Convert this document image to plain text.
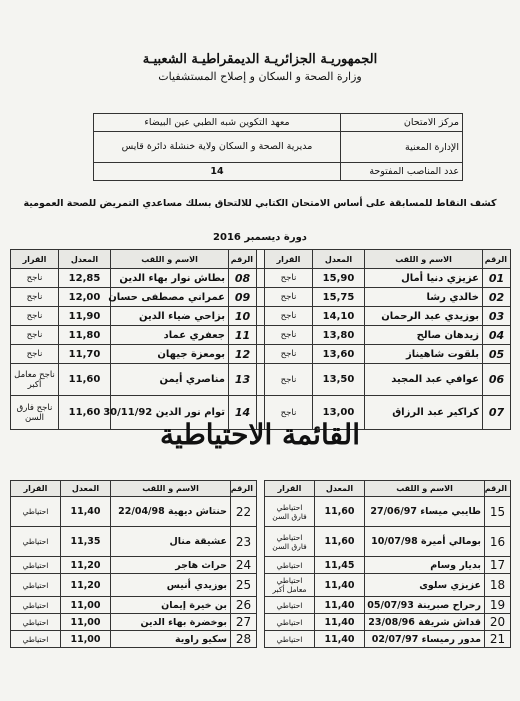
الجمهوريـة الجزائريـة الديمقراطيـة الشعبيـة
وزارة الصحة و السكان و إصلاح المستشفيات
مركز الامتحان	معهد التكوين شبه الطبي عين البيضاء
الإدارة المعنية	مديرية الصحة و السكان ولاية خنشلة دائرة قايس
عدد المناصب المفتوحة	14
كشف النقاط للمسابقة على أساس الامتحان الكتابي للالتحاق بسلك مساعدي التمريض للصحة العمومية
دورة ديسمبر 2016
الرقم	الاسم و اللقب	المعدل	القرار		الرقم	الاسم و اللقب	المعدل	القرار
01	عزيزي دنيا أمال	15,90	ناجح		08	بطاش نوار بهاء الدين	12,85	ناجح
02	خالدي رشا	15,75	ناجح		09	عمراني مصطفى حسان	12,00	ناجح
03	بوزيدي عبد الرحمان	14,10	ناجح		10	بزاحي ضياء الدين	11,90	ناجح
04	زيدهان صالح	13,80	ناجح		11	جعفري عماد	11,80	ناجح
05	بلقوت شاهيناز	13,60	ناجح		12	بومعزة جيهان	11,70	ناجح
06	عوافي عبد المجيد	13,50	ناجح		13	مناصري أيمن	11,60	ناجح معامل أكبر
07	كراكير عبد الرزاق	13,00	ناجح		14	توام نور الدين 30/11/92	11,60	ناجح فارق السن
القائمة الاحتياطية
الرقم	الاسم و اللقب	المعدل	القرار		الرقم	الاسم و اللقب	المعدل	القرار
15	طايبي ميساء 27/06/97	11,60	احتياطي فارق السن		22	حنتاش ديهية 22/04/98	11,40	احتياطي
16	بومالي أميرة 10/07/98	11,60	احتياطي فارق السن		23	عشيقة منال	11,35	احتياطي
17	بديار وسام	11,45	احتياطي		24	حراث هاجر	11,20	احتياطي
18	عزيزي سلوى	11,40	احتياطي معامل أكبر		25	بوزيدي أنيس	11,20	احتياطي
19	رحراح صبرينة 05/07/93	11,40	احتياطي		26	بن خيرة إيمان	11,00	احتياطي
20	قداش شريفة 23/08/96	11,40	احتياطي		27	بوخضرة بهاء الدين	11,00	احتياطي
21	مدور رميساء 02/07/97	11,40	احتياطي		28	سكيو راوية	11,00	احتياطي
